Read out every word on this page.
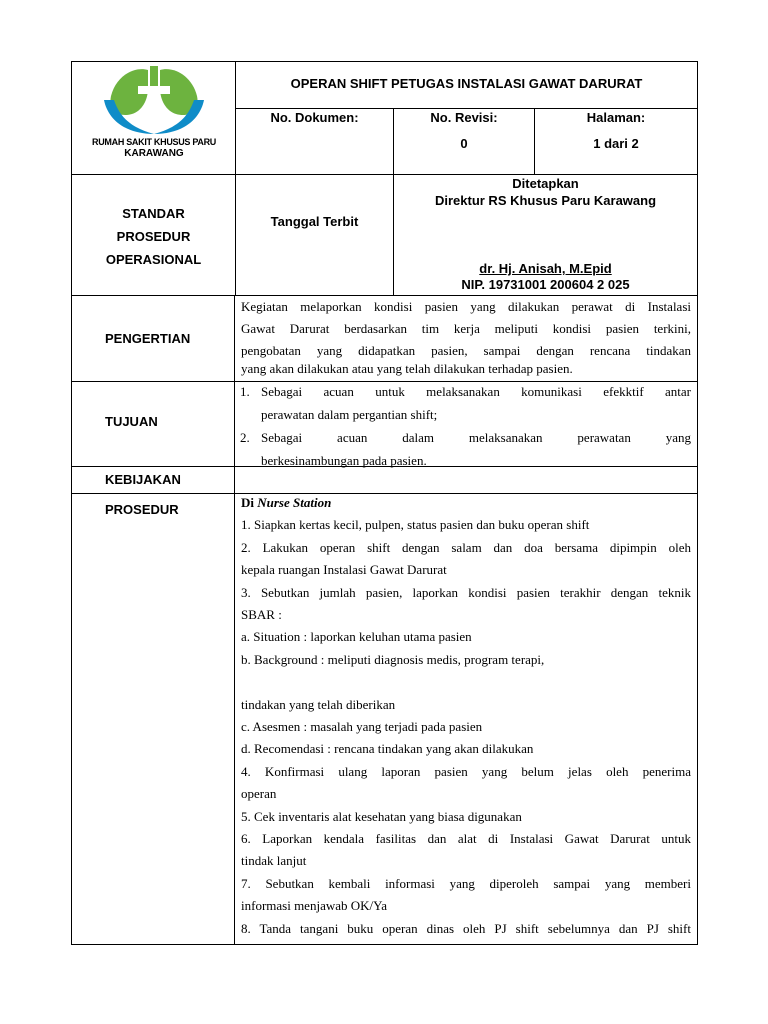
RUMAH SAKIT KHUSUS PARU
KARAWANG
OPERAN SHIFT PETUGAS INSTALASI GAWAT DARURAT
No. Dokumen:	No. Revisi:
0
Halaman:
1 dari 2
STANDAR
PROSEDUR
OPERASIONAL
Tanggal Terbit
Ditetapkan
Direktur RS Khusus Paru Karawang
dr. Hj. Anisah, M.Epid
NIP. 19731001 200604 2 025
PENGERTIAN
Kegiatan melaporkan kondisi pasien yang dilakukan perawat di Instalasi
Gawat Darurat berdasarkan tim kerja meliputi kondisi pasien terkini,
pengobatan yang didapatkan pasien, sampai dengan rencana tindakan
yang akan dilakukan atau yang telah dilakukan terhadap pasien.
TUJUAN
1. Sebagai acuan untuk melaksanakan komunikasi efekktif antar
perawatan dalam pergantian shift;
2. Sebagai acuan dalam melaksanakan perawatan yang
berkesinambungan pada pasien.
KEBIJAKAN
PROSEDUR	Di Nurse Station
1. Siapkan kertas kecil, pulpen, status pasien dan buku operan shift
2. Lakukan operan shift dengan salam dan doa bersama dipimpin oleh
kepala ruangan Instalasi Gawat Darurat
3. Sebutkan jumlah pasien, laporkan kondisi pasien terakhir dengan teknik
SBAR :
a. Situation : laporkan keluhan utama pasien
b. Background : meliputi diagnosis medis, program terapi,
tindakan yang telah diberikan
c. Asesmen : masalah yang terjadi pada pasien
d. Recomendasi : rencana tindakan yang akan dilakukan
4. Konfirmasi ulang laporan pasien yang belum jelas oleh penerima
operan
5. Cek inventaris alat kesehatan yang biasa digunakan
6. Laporkan kendala fasilitas dan alat di Instalasi Gawat Darurat untuk
tindak lanjut
7. Sebutkan kembali informasi yang diperoleh sampai yang memberi
informasi menjawab OK/Ya
8. Tanda tangani buku operan dinas oleh PJ shift sebelumnya dan PJ shift
